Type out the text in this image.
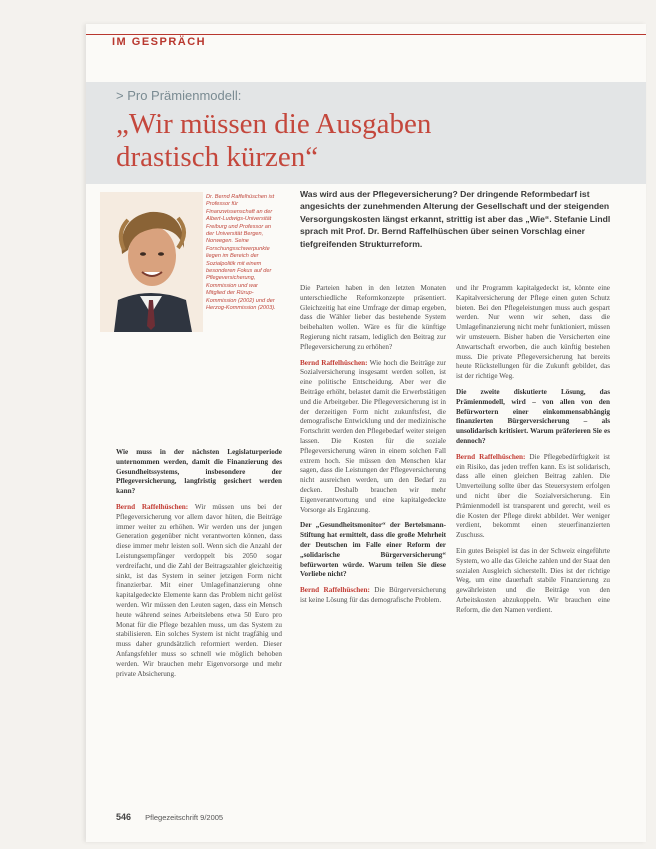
IM GESPRÄCH
> Pro Prämienmodell:
„Wir müssen die Ausgaben drastisch kürzen“
Dr. Bernd Raffelhüschen ist Professor für Finanzwissenschaft an der Albert-Ludwigs-Universität Freiburg und Professor an der Universität Bergen, Norwegen. Seine Forschungsschwerpunkte liegen im Bereich der Sozialpolitik mit einem besonderen Fokus auf der Pflegeversicherung, Kommission und war Mitglied der Rürup-Kommission (2002) und der Herzog-Kommission (2003).
Was wird aus der Pflegeversicherung? Der dringende Reformbedarf ist angesichts der zunehmenden Alterung der Gesellschaft und der steigenden Versorgungskosten längst erkannt, strittig ist aber das „Wie“. Stefanie Lindl sprach mit Prof. Dr. Bernd Raffelhüschen über seinen Vorschlag einer tiefgreifenden Strukturreform.

Wie muss in der nächsten Legislaturperiode unternommen werden, damit die Finanzierung des Gesundheitssystems, insbesondere der Pflegeversicherung, langfristig gesichert werden kann?

Bernd Raffelhüschen: Wir müssen uns bei der Pflegeversicherung vor allem davor hüten, die Beiträge immer weiter zu erhöhen. Wir werden uns der jungen Generation gegenüber nicht verantworten können, dass diese immer mehr leisten soll. Wenn sich die Anzahl der Leistungsempfänger verdoppelt bis 2050 sogar verdreifacht, und die Zahl der Beitragszahler gleichzeitig sinkt, ist das System in seiner jetzigen Form nicht finanzierbar. Mit einer Umlagefinanzierung ohne kapitalgedeckte Elemente kann das Problem nicht gelöst werden. Wir müssen den Leuten sagen, dass ein Mensch heute während seines Arbeitslebens etwa 50 Euro pro Monat für die Pflege bezahlen muss, um das System zu stabilisieren. Ein solches System ist nicht tragfähig und muss daher grundsätzlich reformiert werden. Dieser Anfangsfehler muss so schnell wie möglich behoben werden. Wir brauchen mehr Eigenvorsorge und mehr private Absicherung.

Die Parteien haben in den letzten Monaten unterschiedliche Reformkonzepte präsentiert. Gleichzeitig hat eine Umfrage der dimap ergeben, dass die Wähler lieber das bestehende System beibehalten wollen. Wäre es für die künftige Regierung nicht ratsam, lediglich den Beitrag zur Pflegeversicherung zu erhöhen?

Bernd Raffelhüschen: Wie hoch die Beiträge zur Sozialversicherung insgesamt werden sollen, ist eine politische Entscheidung. Aber wer die Beiträge erhöht, belastet damit die Erwerbstätigen und die Arbeitgeber. Die Pflegeversicherung ist in der derzeitigen Form nicht zukunftsfest, die demografische Entwicklung und der medizinische Fortschritt werden den Pflegebedarf weiter steigen lassen. Die Kosten für die soziale Pflegeversicherung wären in einem solchen Fall extrem hoch. Sie müssen den Menschen klar sagen, dass die Leistungen der Pflegeversicherung nicht ausreichen werden, um den Bedarf zu decken. Deshalb brauchen wir mehr Eigenverantwortung und eine kapitalgedeckte Vorsorge als Ergänzung.

Der „Gesundheitsmonitor“ der Bertelsmann-Stiftung hat ermittelt, dass die große Mehrheit der Deutschen im Falle einer Reform der „solidarische Bürgerversicherung“ befürworten würde. Warum teilen Sie diese Vorliebe nicht?

Bernd Raffelhüschen: Die Bürgerversicherung ist keine Lösung für das demografische Problem.

und ihr Programm kapitalgedeckt ist, könnte eine Kapitalversicherung der Pflege einen guten Schutz bieten. Bei den Pflegeleistungen muss auch gespart werden. Nur wenn wir sehen, dass die Umlagefinanzierung nicht mehr funktioniert, müssen wir umsteuern. Bisher haben die Versicherten eine Anwartschaft erworben, die auch künftig bestehen muss. Die private Pflegeversicherung hat bereits heute Rückstellungen für die Zukunft gebildet, das ist der richtige Weg.

Die zweite diskutierte Lösung, das Prämienmodell, wird – von allen von den Befürwortern einer einkommensabhängig finanzierten Bürgerversicherung – als unsolidarisch kritisiert. Warum präferieren Sie es dennoch?

Bernd Raffelhüschen: Die Pflegebedürftigkeit ist ein Risiko, das jeden treffen kann. Es ist solidarisch, dass alle einen gleichen Beitrag zahlen. Die Umverteilung sollte über das Steuersystem erfolgen und nicht über die Sozialversicherung. Ein Prämienmodell ist transparent und gerecht, weil es die Kosten der Pflege direkt abbildet. Wer weniger verdient, bekommt einen steuerfinanzierten Zuschuss.

Ein gutes Beispiel ist das in der Schweiz eingeführte System, wo alle das Gleiche zahlen und der Staat den sozialen Ausgleich sicherstellt. Dies ist der richtige Weg, um eine dauerhaft stabile Finanzierung zu gewährleisten und die Beiträge von den Arbeitskosten abzukoppeln. Wir brauchen eine Reform, die den Namen verdient.

546 Pflegezeitschrift 9/2005
